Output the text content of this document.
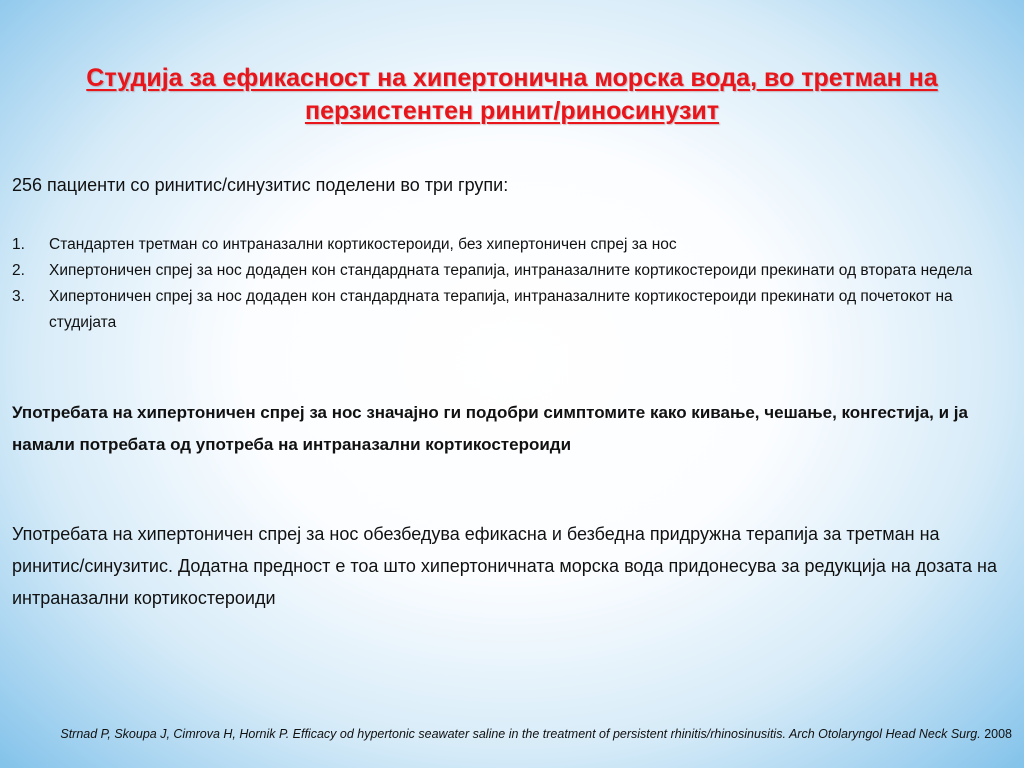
Студија за ефикасност на хипертонична морска вода, во третман на перзистентен ринит/риносинузит

256 пациенти со ринитис/синузитис поделени во три групи:

1. Стандартен третман со интраназални кортикостероиди, без хипертоничен спреј за нос
2. Хипертоничен спреј за нос додаден кон стандардната терапија, интраназалните кортикостероиди прекинати од втората недела
3. Хипертоничен спреј за нос додаден кон стандардната терапија, интраназалните кортикостероиди прекинати од почетокот на студијата

Употребата на хипертоничен спреј за нос значајно ги подобри симптомите како кивање, чешање, конгестија, и ја намали потребата од употреба на интраназални кортикостероиди

Употребата на хипертоничен спреј за нос обезбедува ефикасна и безбедна придружна терапија за третман на ринитис/синузитис. Додатна предност е тоа што хипертоничната морска вода придонесува за редукција на дозата на интраназални кортикостероиди

Strnad P, Skoupa J, Cimrova H, Hornik P. Efficacy od hypertonic seawater saline in the treatment of persistent rhinitis/rhinosinusitis. Arch Otolaryngol Head Neck Surg. 2008
